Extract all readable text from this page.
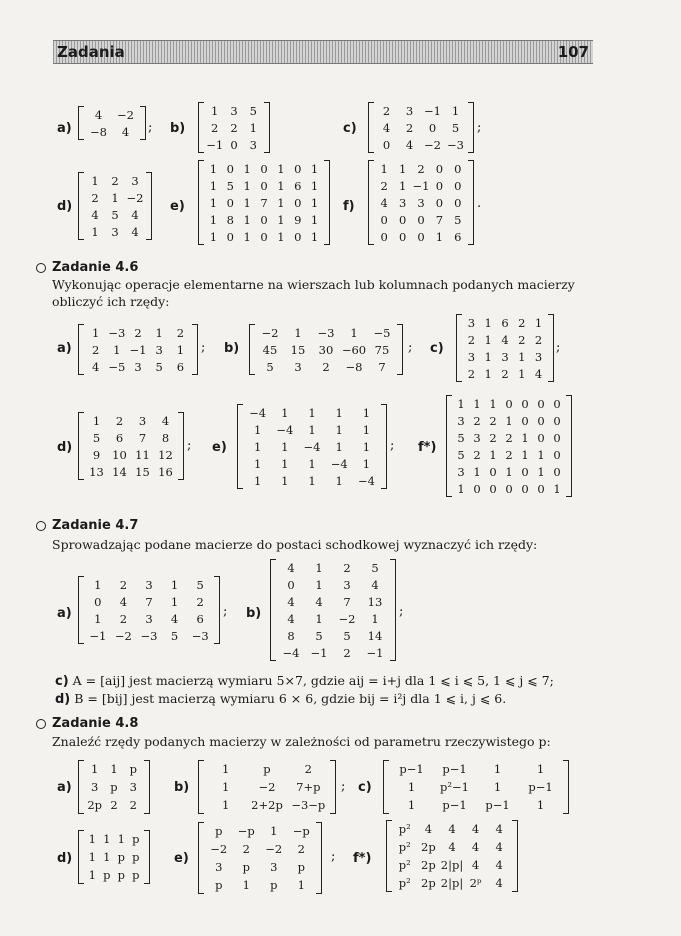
Zadania	107
a)
4	−2
−8	4	; b)
1	3	5
2	2	1
−1 0	3
c)
2	3 −1 1
4	2	0	5
0	4 −2 −3
;
d)
1	2	3
2	1 −2
4	5	4
1	3	4
e)
1 0 1 0 1 0 1
1 5 1 0 1 6 1
1 0 1 7 1 0 1
1 8 1 0 1 9 1
1 0 1 0 1 0 1
f)
1 1 2 0 0
2 1 −1 0 0
4 3 3 0 0
0 0 0 7 5
0 0 0 1 6
.
Zadanie 4.6
Wykonując operacje elementarne na wierszach lub kolumnach podanych macierzy
obliczyć ich rzędy:
a)
1 −3 2	1	2
2	1 −1 3	1
4 −5 3	5	6
; b)
−2	1	−3	1	−5
45	15	30 −60 75
5	3	2	−8	7
; c)
3 1 6 2 1
2 1 4 2 2
3 1 3 1 3
2 1 2 1 4
;
d)
1	2	3	4
5	6	7	8
9	10 11 12
13 14 15 16
; e)
−4	1	1	1	1
1	−4	1	1	1
1	1	−4	1	1
1	1	1	−4	1
1	1	1	1	−4
; f*)
1 1 1 0 0 0 0
3 2 2 1 0 0 0
5 3 2 2 1 0 0
5 2 1 2 1 1 0
3 1 0 1 0 1 0
1 0 0 0 0 0 1
Zadanie 4.7
Sprowadzając podane macierze do postaci schodkowej wyznaczyć ich rzędy:
a)
1	2	3	1	5
0	4	7	1	2
1	2	3	4	6
−1 −2 −3	5	−3
; b)
4	1	2	5
0	1	3	4
4	4	7	13
4	1	−2	1
8	5	5	14
−4 −1	2	−1
;
c) A = [aij] jest macierzą wymiaru 5×7, gdzie aij = i+j dla 1 ⩽ i ⩽ 5, 1 ⩽ j ⩽ 7;
d) B = [bij] jest macierzą wymiaru 6 × 6, gdzie bij = i²j dla 1 ⩽ i, j ⩽ 6.
Zadanie 4.8
Znaleźć rzędy podanych macierzy w zależności od parametru rzeczywistego p:
a)
1	1	p
3	p	3
2p 2	2
b)
1	p	2
1	−2	7+p
1	2+2p −3−p
; c)
p−1	p−1	1	1
1	p²−1	1	p−1
1	p−1	p−1	1
d)
1 1 1 p
1 1 p p
1 p p p
e)
p	−p	1	−p
−2	2	−2	2
3	p	3	p
p	1	p	1
; f*)
p²	4	4	4	4
p² 2p	4	4	4
p² 2p 2|p| 4	4
p² 2p 2|p| 2ᵖ	4
